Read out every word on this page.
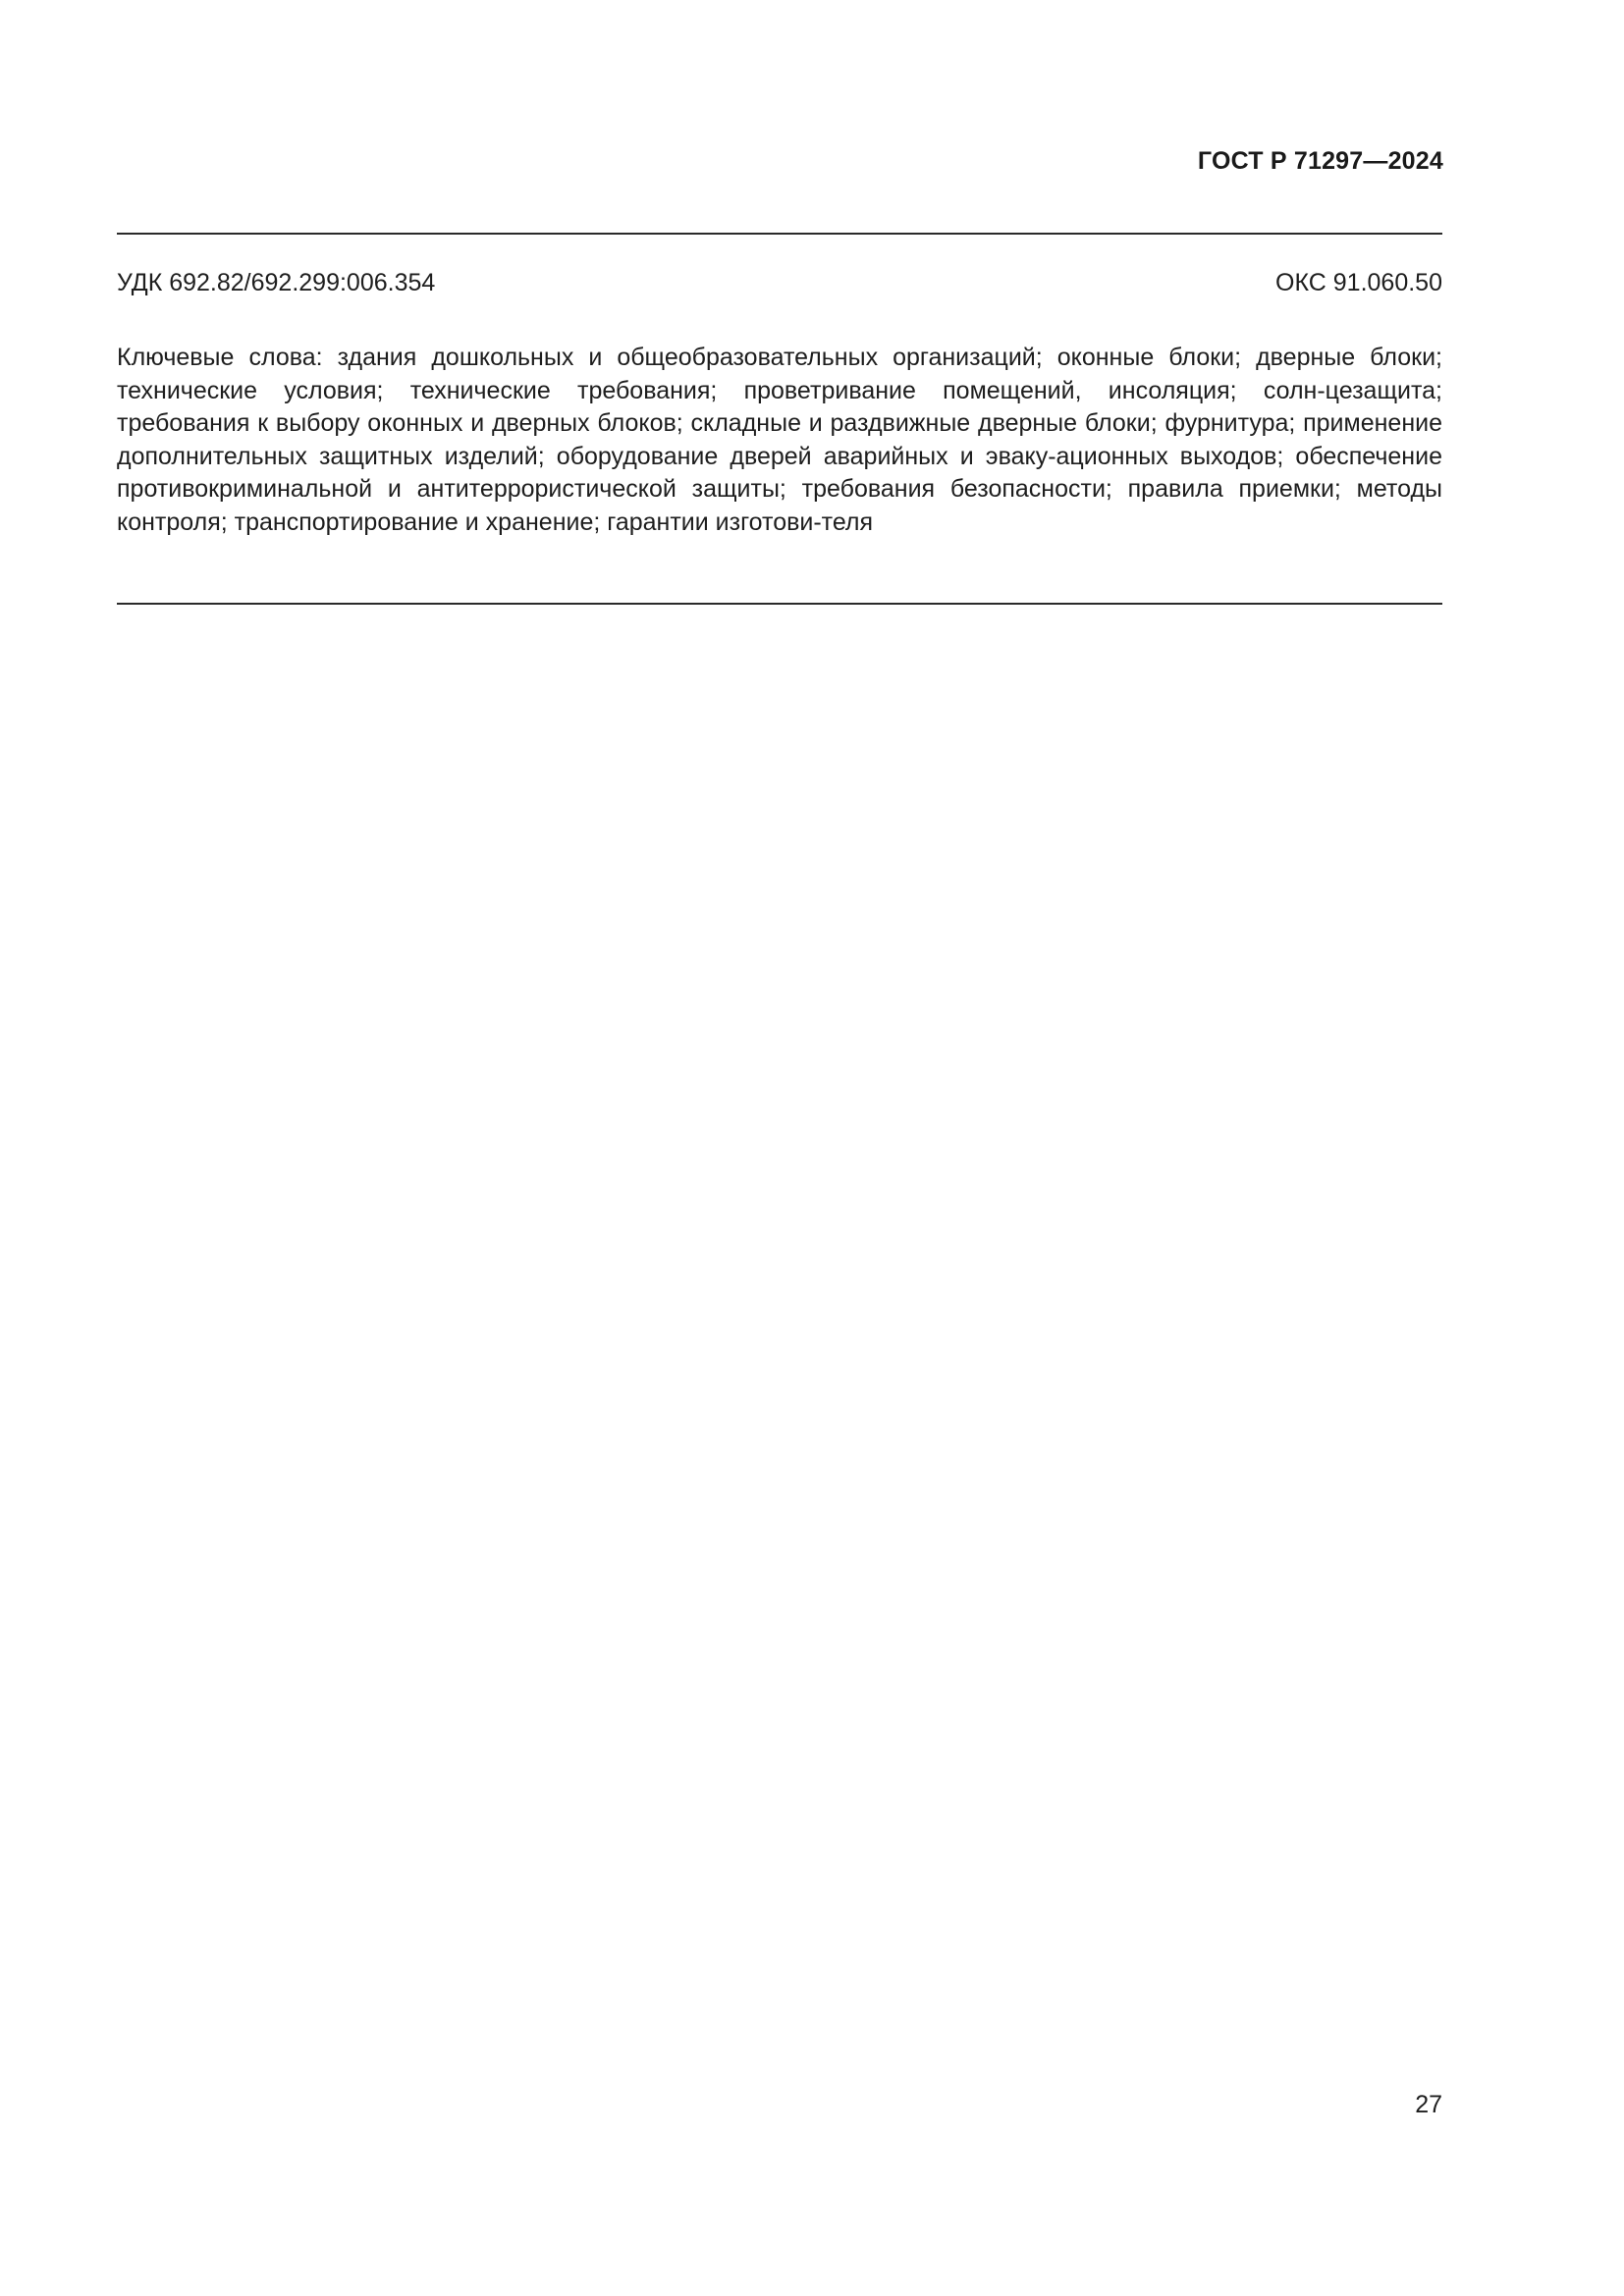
ГОСТ Р 71297—2024
УДК 692.82/692.299:006.354	ОКС 91.060.50

Ключевые слова: здания дошкольных и общеобразовательных организаций; оконные блоки; дверные блоки; технические условия; технические требования; проветривание помещений, инсоляция; солн-цезащита; требования к выбору оконных и дверных блоков; складные и раздвижные дверные блоки; фурнитура; применение дополнительных защитных изделий; оборудование дверей аварийных и эваку-ационных выходов; обеспечение противокриминальной и антитеррористической защиты; требования безопасности; правила приемки; методы контроля; транспортирование и хранение; гарантии изготови-теля

27
